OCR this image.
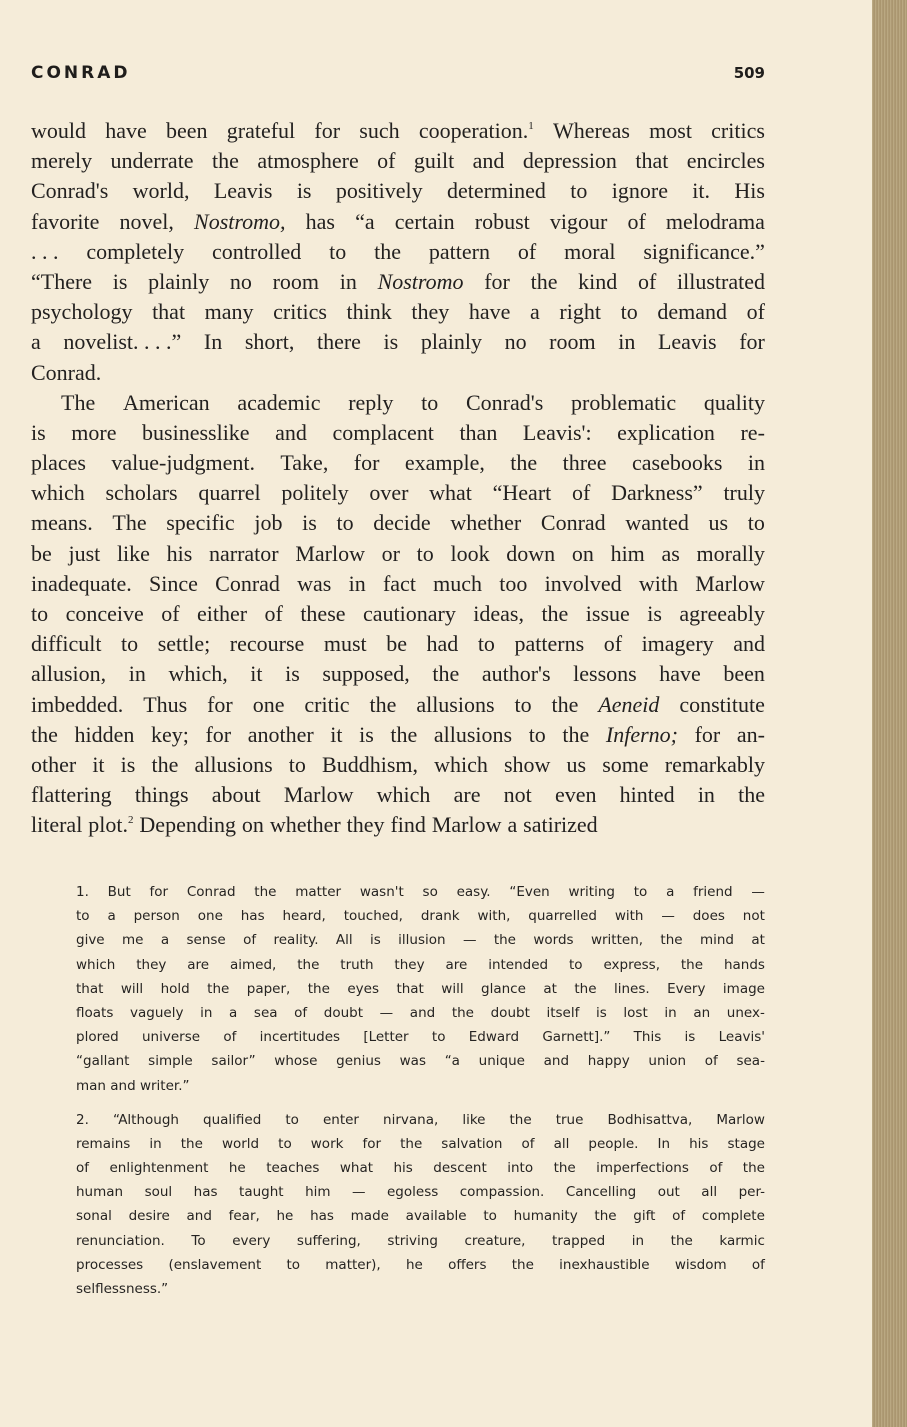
CONRAD	509
would have been grateful for such cooperation.$^1$ Whereas most critics
merely underrate the atmosphere of guilt and depression that encircles
Conrad's world, Leavis is positively determined to ignore it. His
favorite novel, Nostromo, has “a certain robust vigour of melodrama
. . . completely controlled to the pattern of moral significance.”
“There is plainly no room in Nostromo for the kind of illustrated
psychology that many critics think they have a right to demand of
a novelist. . . .” In short, there is plainly no room in Leavis for
Conrad.
The American academic reply to Conrad's problematic quality
is more businesslike and complacent than Leavis': explication re-
places value-judgment. Take, for example, the three casebooks in
which scholars quarrel politely over what “Heart of Darkness” truly
means. The specific job is to decide whether Conrad wanted us to
be just like his narrator Marlow or to look down on him as morally
inadequate. Since Conrad was in fact much too involved with Marlow
to conceive of either of these cautionary ideas, the issue is agreeably
difficult to settle; recourse must be had to patterns of imagery and
allusion, in which, it is supposed, the author's lessons have been
imbedded. Thus for one critic the allusions to the Aeneid constitute
the hidden key; for another it is the allusions to the Inferno; for an-
other it is the allusions to Buddhism, which show us some remarkably
flattering things about Marlow which are not even hinted in the
literal plot.$^2$ Depending on whether they find Marlow a satirized
1. But for Conrad the matter wasn't so easy. “Even writing to a friend —
to a person one has heard, touched, drank with, quarrelled with — does not
give me a sense of reality. All is illusion — the words written, the mind at
which they are aimed, the truth they are intended to express, the hands
that will hold the paper, the eyes that will glance at the lines. Every image
floats vaguely in a sea of doubt — and the doubt itself is lost in an unex-
plored universe of incertitudes [Letter to Edward Garnett].” This is Leavis'
“gallant simple sailor” whose genius was “a unique and happy union of sea-
man and writer.”
2. “Although qualified to enter nirvana, like the true Bodhisattva, Marlow
remains in the world to work for the salvation of all people. In his stage
of enlightenment he teaches what his descent into the imperfections of the
human soul has taught him — egoless compassion. Cancelling out all per-
sonal desire and fear, he has made available to humanity the gift of complete
renunciation. To every suffering, striving creature, trapped in the karmic
processes (enslavement to matter), he offers the inexhaustible wisdom of
selflessness.”
